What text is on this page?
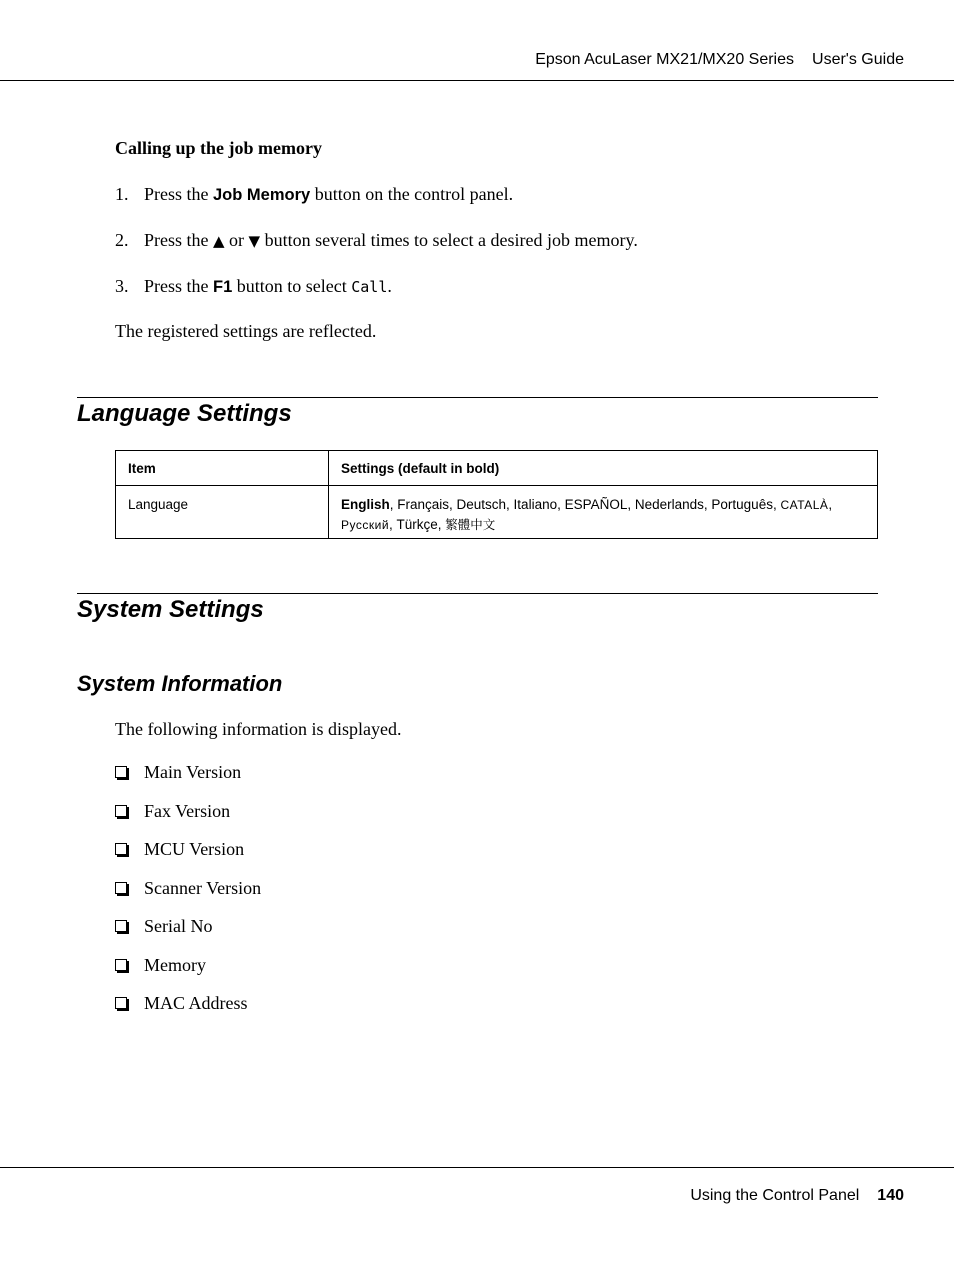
Epson AcuLaser MX21/MX20 Series User's Guide
Calling up the job memory
1. Press the Job Memory button on the control panel.
2. Press the ▲ or ▼ button several times to select a desired job memory.
3. Press the F1 button to select Call.
The registered settings are reflected.
Language Settings
Item	Settings (default in bold)
Language	English, Français, Deutsch, Italiano, ESPAÑOL, Nederlands, Português, CATALÀ,
Русский, Türkçe, 繁體中文
System Settings
System Information
The following information is displayed.
Main Version
Fax Version
MCU Version
Scanner Version
Serial No
Memory
MAC Address
Using the Control Panel 140
